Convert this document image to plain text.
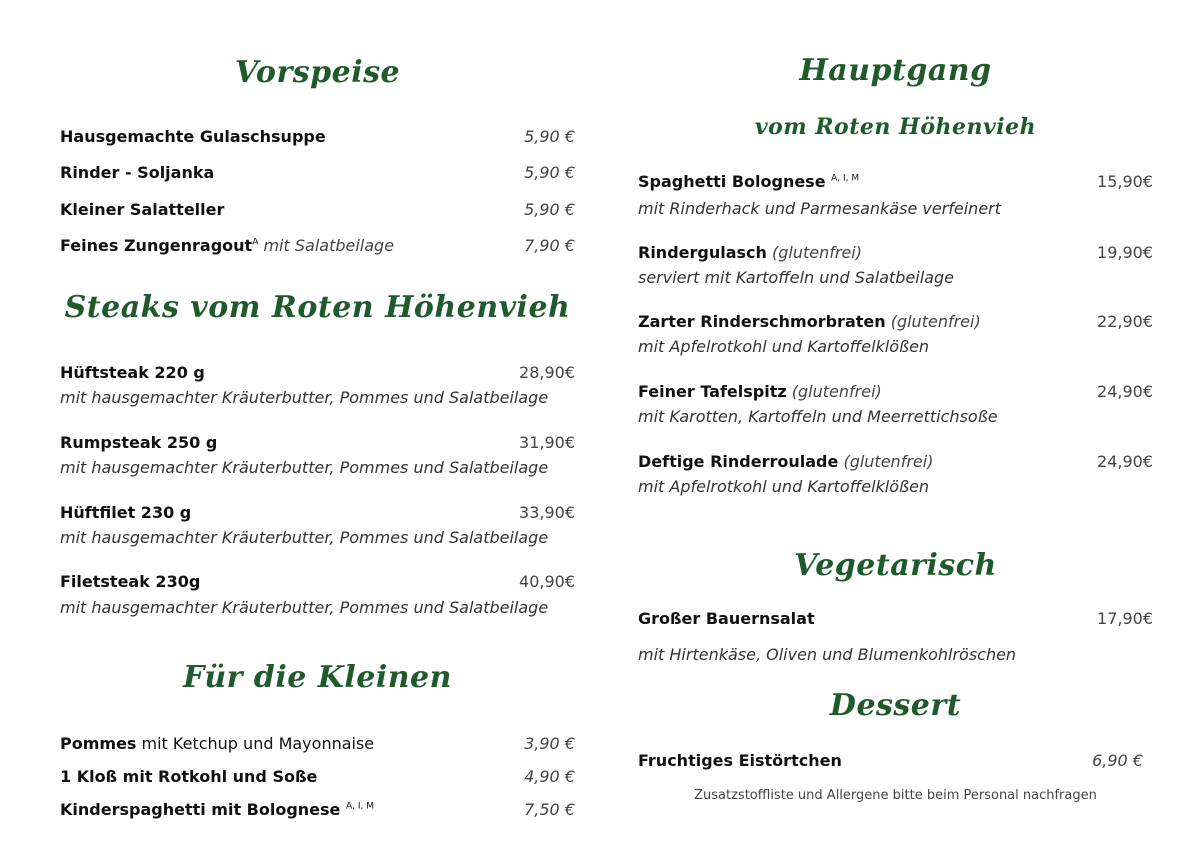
Vorspeise
Hausgemachte Gulaschsuppe	5,90 €
Rinder - Soljanka	5,90 €
Kleiner Salatteller	5,90 €
Feines Zungenragout$^A$ mit Salatbeilage	7,90 €
Steaks vom Roten Höhenvieh
Hüftsteak 220 g	28,90€
mit hausgemachter Kräuterbutter, Pommes und Salatbeilage
Rumpsteak 250 g	31,90€
mit hausgemachter Kräuterbutter, Pommes und Salatbeilage
Hüftfilet 230 g	33,90€
mit hausgemachter Kräuterbutter, Pommes und Salatbeilage
Filetsteak 230g	40,90€
mit hausgemachter Kräuterbutter, Pommes und Salatbeilage
Für die Kleinen
Pommes mit Ketchup und Mayonnaise	3,90 €
1 Kloß mit Rotkohl und Soße	4,90 €
Kinderspaghetti mit Bolognese $^{A, I, M}$	7,50 €
Hauptgang
vom Roten Höhenvieh
Spaghetti Bolognese $^{A, I, M}$	15,90€
mit Rinderhack und Parmesankäse verfeinert
Rindergulasch (glutenfrei)	19,90€
serviert mit Kartoffeln und Salatbeilage
Zarter Rinderschmorbraten (glutenfrei)	22,90€
mit Apfelrotkohl und Kartoffelklößen
Feiner Tafelspitz (glutenfrei)	24,90€
mit Karotten, Kartoffeln und Meerrettichsoße
Deftige Rinderroulade (glutenfrei)	24,90€
mit Apfelrotkohl und Kartoffelklößen
Vegetarisch
Großer Bauernsalat	17,90€
mit Hirtenkäse, Oliven und Blumenkohlröschen
Dessert
Fruchtiges Eistörtchen	6,90 €
Zusatzstoffliste und Allergene bitte beim Personal nachfragen
